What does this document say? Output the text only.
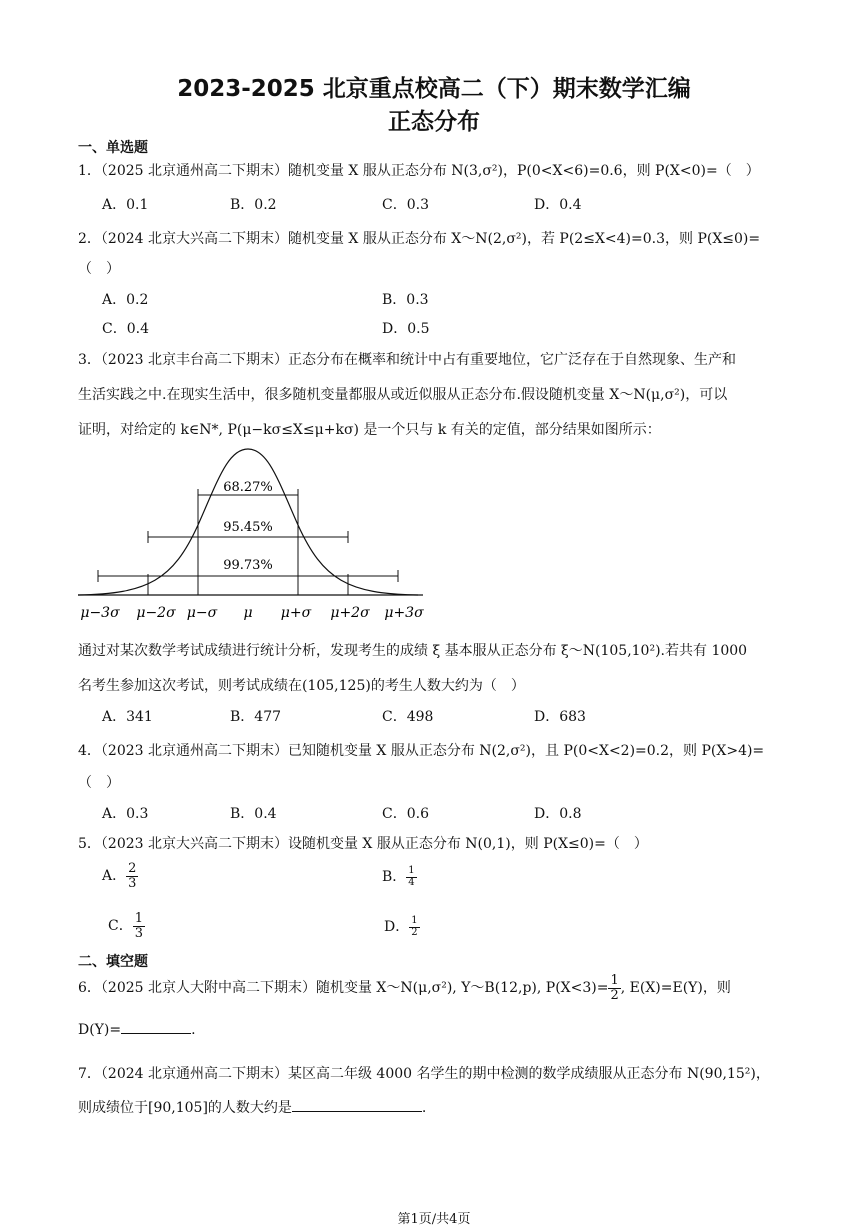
2023-2025 北京重点校高二（下）期末数学汇编
正态分布
一、单选题
1．（2025 北京通州高二下期末）随机变量 X 服从正态分布 N(3,σ²)，P(0<X<6)=0.6，则 P(X<0)=（　）
A．0.1	B．0.2	C．0.3	D．0.4
2．（2024 北京大兴高二下期末）随机变量 X 服从正态分布 X～N(2,σ²)，若 P(2≤X<4)=0.3，则 P(X≤0)=
（　）
A．0.2	B．0.3
C．0.4	D．0.5
3．（2023 北京丰台高二下期末）正态分布在概率和统计中占有重要地位，它广泛存在于自然现象、生产和
生活实践之中.在现实生活中，很多随机变量都服从或近似服从正态分布.假设随机变量 X～N(μ,σ²)，可以
证明，对给定的 k∈N*, P(μ−kσ≤X≤μ+kσ) 是一个只与 k 有关的定值，部分结果如图所示：
68.27%
95.45%
99.73%
μ−3σ μ−2σ μ−σ μ μ+σ μ+2σ μ+3σ
通过对某次数学考试成绩进行统计分析，发现考生的成绩 ξ 基本服从正态分布 ξ～N(105,10²).若共有 1000
名考生参加这次考试，则考试成绩在(105,125)的考生人数大约为（　）
A．341	B．477	C．498	D．683
4．（2023 北京通州高二下期末）已知随机变量 X 服从正态分布 N(2,σ²)，且 P(0<X<2)=0.2，则 P(X>4)=
（　）
A．0.3	B．0.4	C．0.6	D．0.8
5．（2023 北京大兴高二下期末）设随机变量 X 服从正态分布 N(0,1)，则 P(X≤0)=（　）
A． $\frac{2}{3}$	B． $\frac{1}{4}$
C． $\frac{1}{3}$	D． $\frac{1}{2}$
二、填空题
6．（2025 北京人大附中高二下期末）随机变量 X～N(μ,σ²), Y～B(12,p), $P(X<3)= \frac{1}{2}$ , E(X)=E(Y)，则
D(Y)=	.
7．（2024 北京通州高二下期末）某区高二年级 4000 名学生的期中检测的数学成绩服从正态分布 N(90,15²)，
则成绩位于[90,105]的人数大约是	.
第1页/共4页
